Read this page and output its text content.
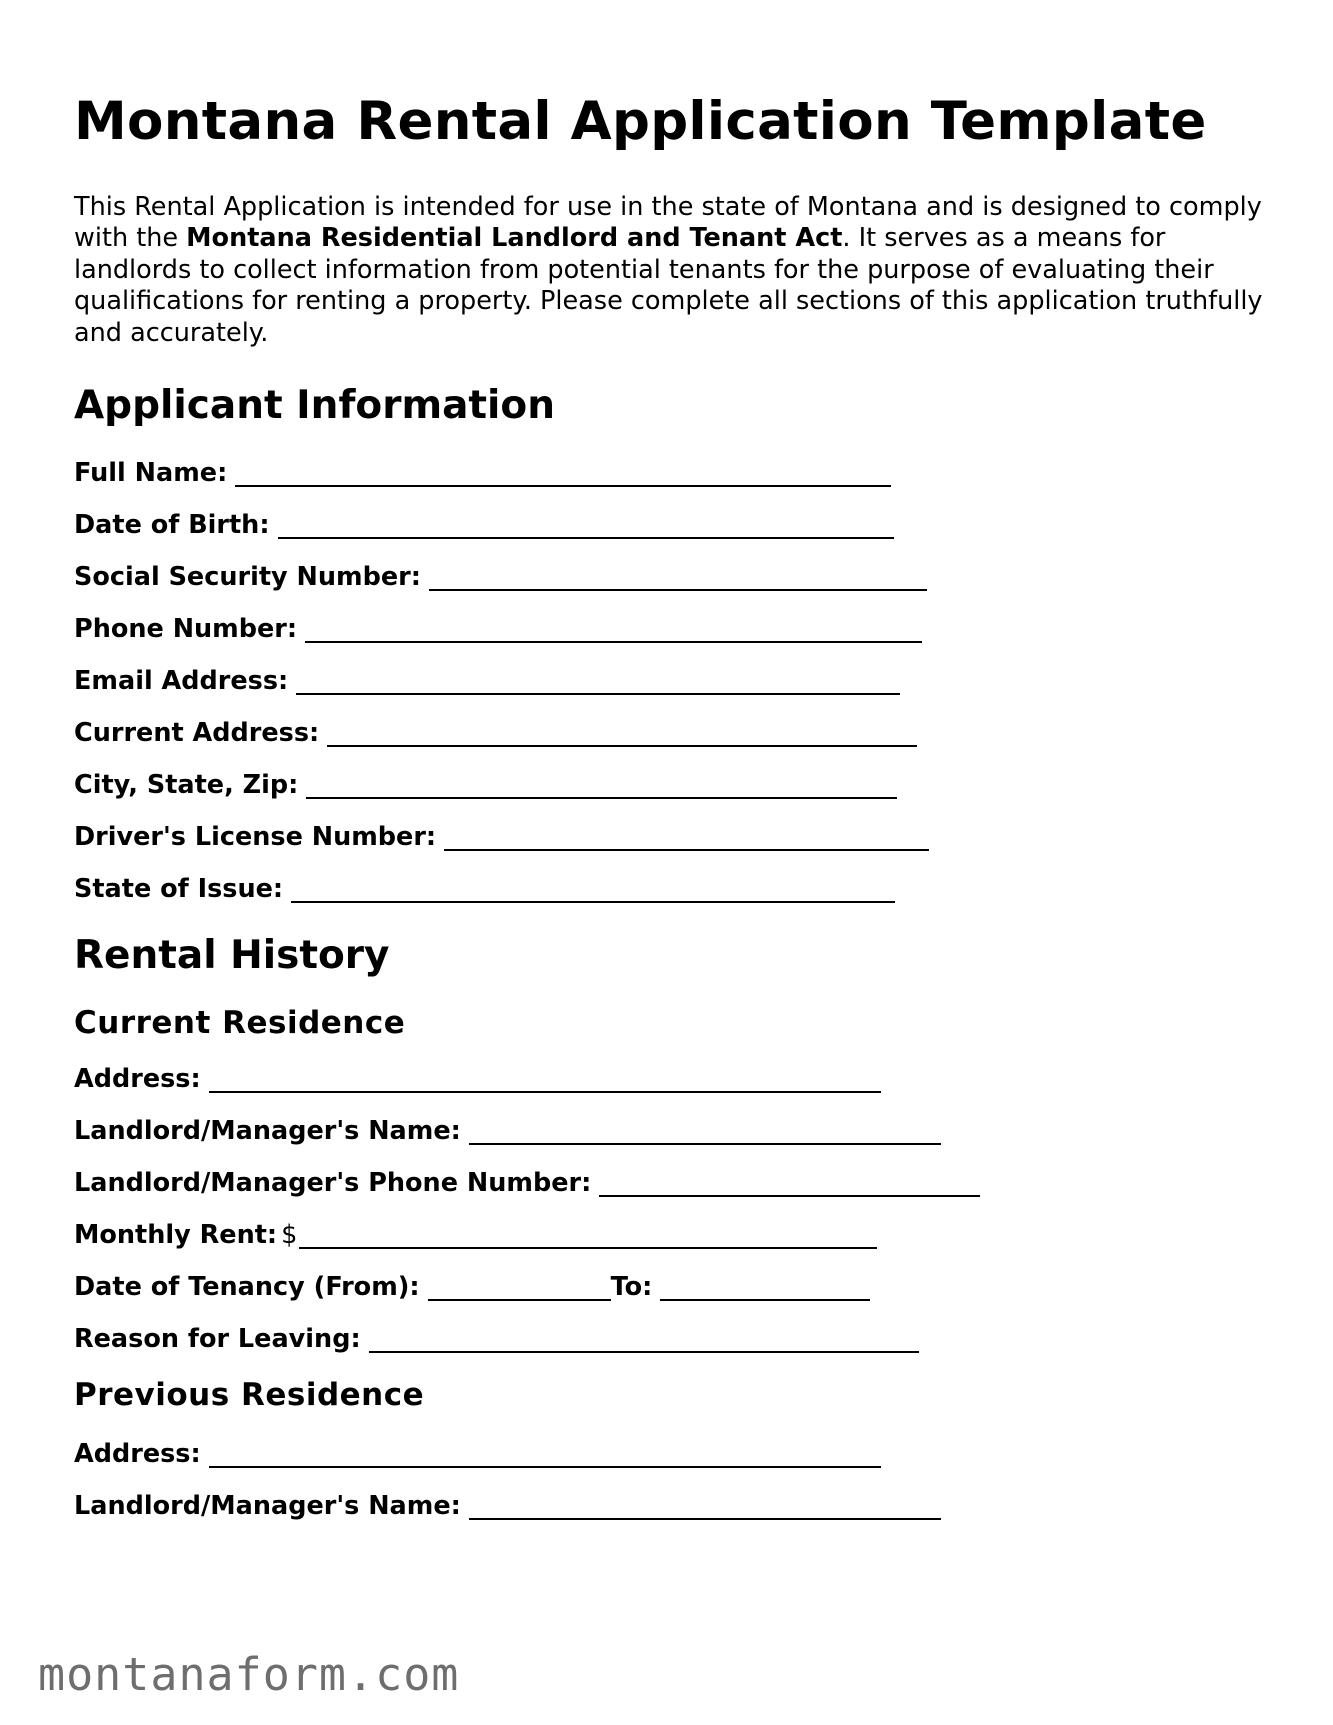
Montana Rental Application Template

This Rental Application is intended for use in the state of Montana and is designed to comply with the Montana Residential Landlord and Tenant Act. It serves as a means for landlords to collect information from potential tenants for the purpose of evaluating their qualifications for renting a property. Please complete all sections of this application truthfully and accurately.

Applicant Information
Full Name:
Date of Birth:
Social Security Number:
Phone Number:
Email Address:
Current Address:
City, State, Zip:
Driver's License Number:
State of Issue:
Rental History
Current Residence
Address:
Landlord/Manager's Name:
Landlord/Manager's Phone Number:
Monthly Rent: $
Date of Tenancy (From):	To:
Reason for Leaving:
Previous Residence
Address:
Landlord/Manager's Name:
montanaform.com
